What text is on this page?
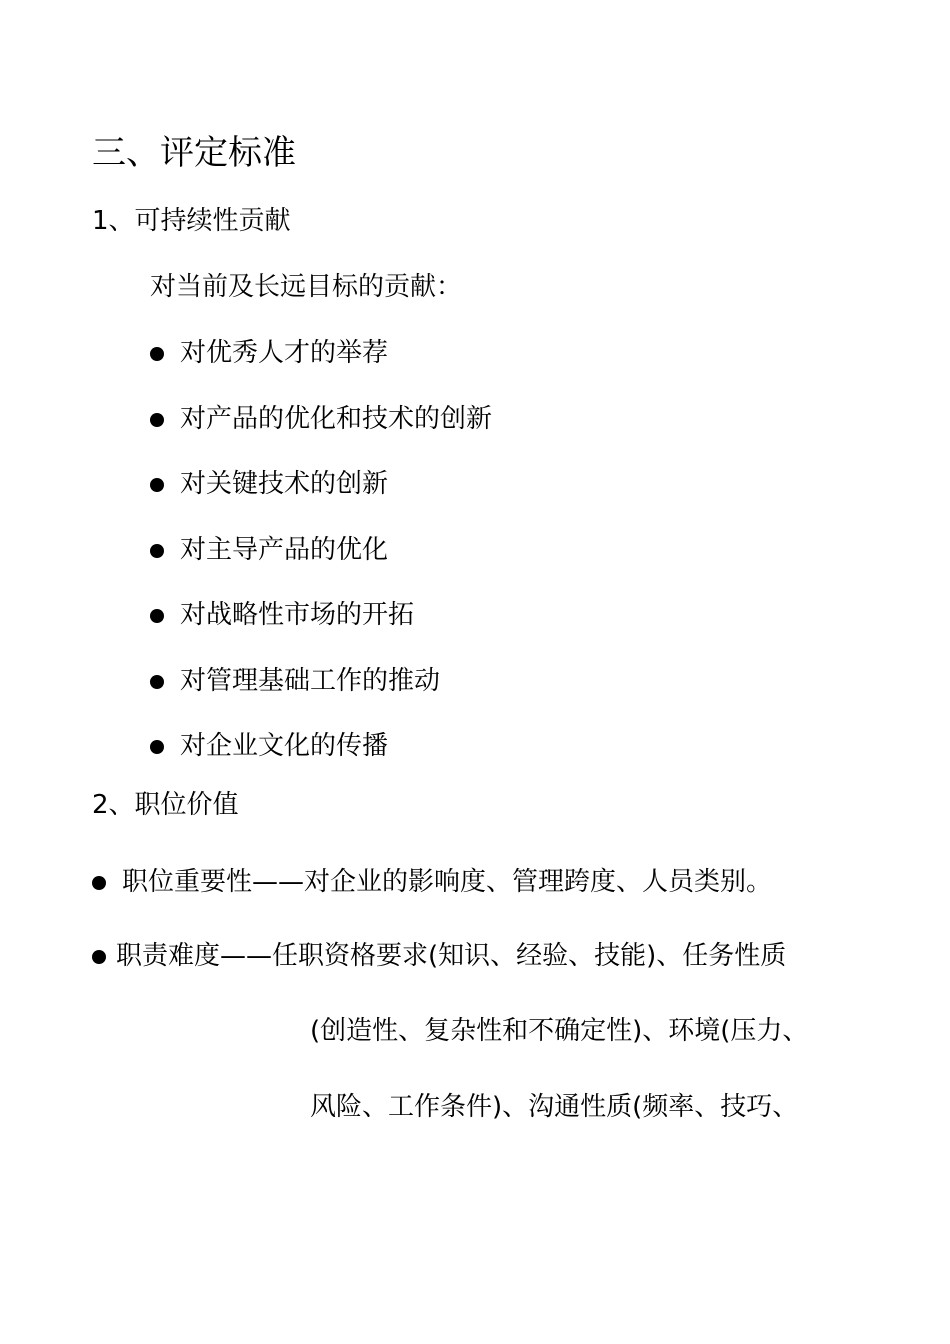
三、评定标准
1、可持续性贡献
对当前及长远目标的贡献：
对优秀人才的举荐
对产品的优化和技术的创新
对关键技术的创新
对主导产品的优化
对战略性市场的开拓
对管理基础工作的推动
对企业文化的传播
2、职位价值
职位重要性——对企业的影响度、管理跨度、人员类别。
职责难度——任职资格要求(知识、经验、技能)、任务性质
(创造性、复杂性和不确定性)、环境(压力、
风险、工作条件)、沟通性质(频率、技巧、
